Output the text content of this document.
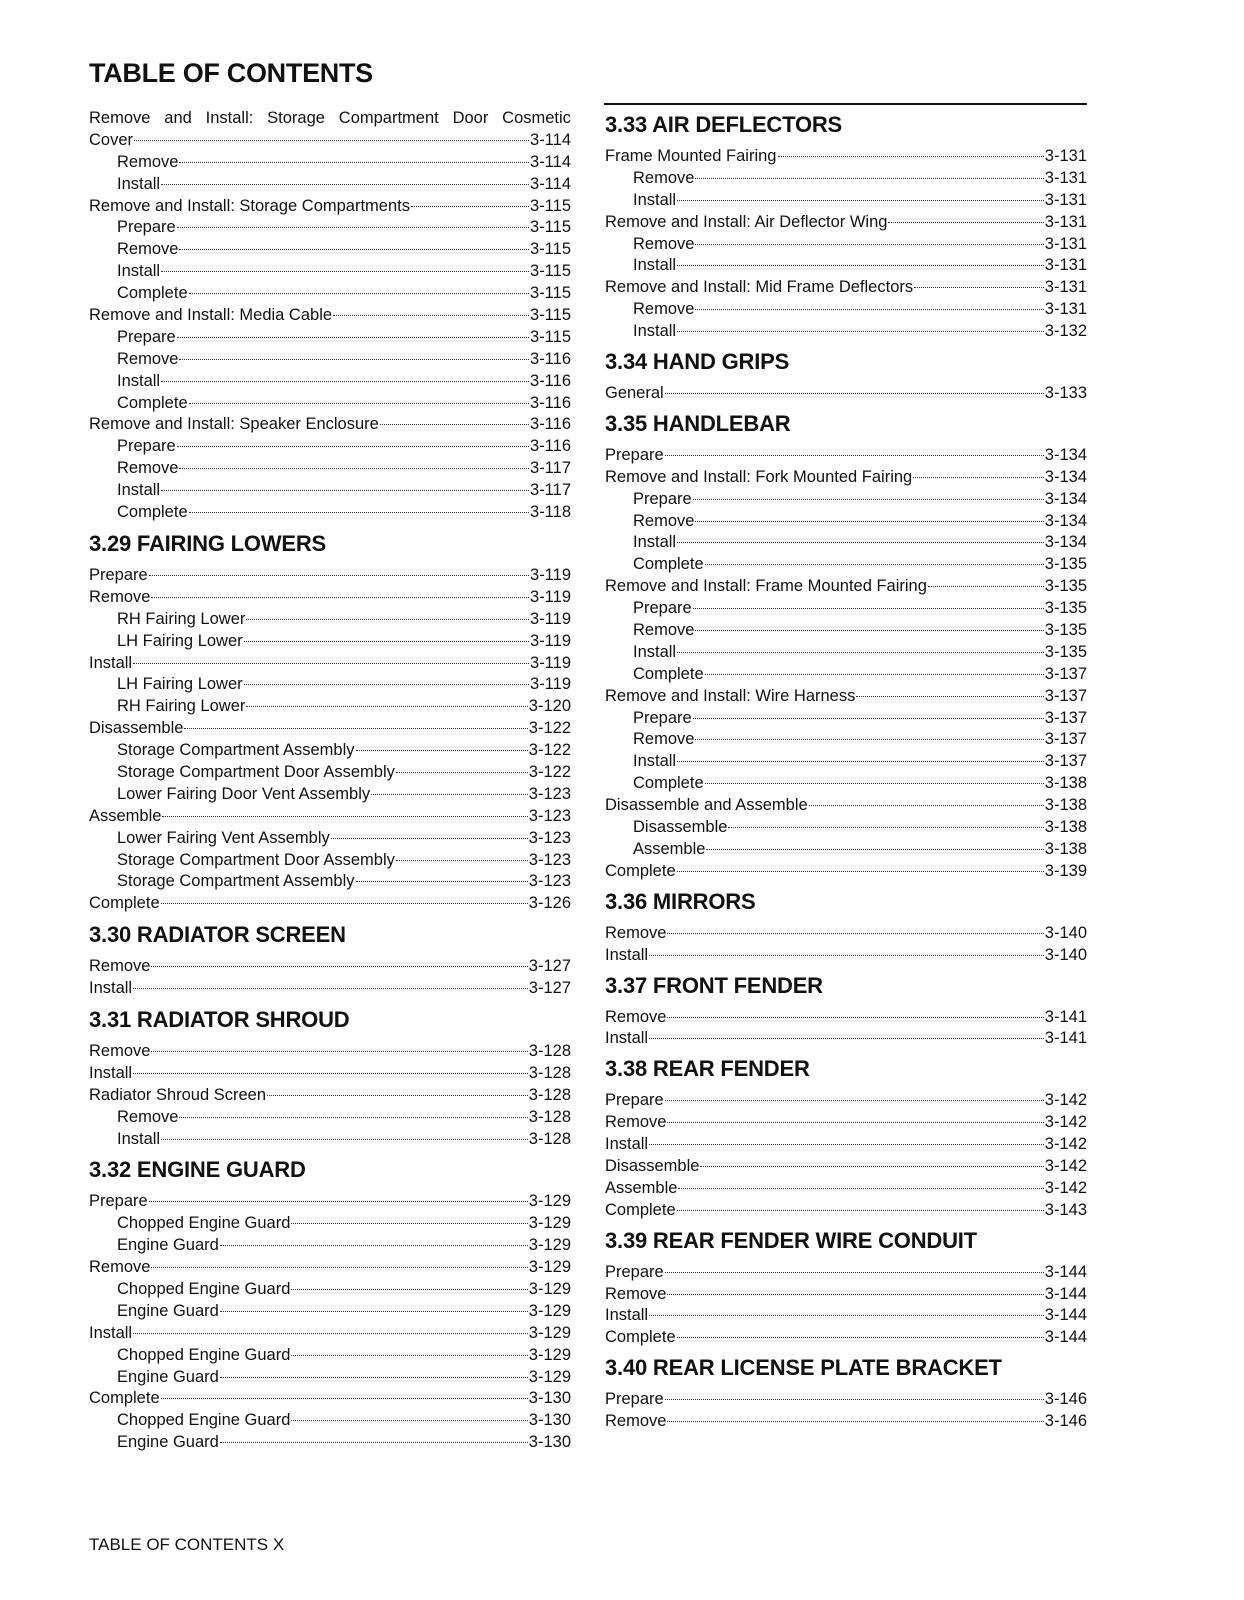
TABLE OF CONTENTS
Remove and Install: Storage Compartment Door Cosmetic
Cover	3-114
Remove	3-114
Install	3-114
Remove and Install: Storage Compartments	3-115
Prepare	3-115
Remove	3-115
Install	3-115
Complete	3-115
Remove and Install: Media Cable	3-115
Prepare	3-115
Remove	3-116
Install	3-116
Complete	3-116
Remove and Install: Speaker Enclosure	3-116
Prepare	3-116
Remove	3-117
Install	3-117
Complete	3-118
3.29 FAIRING LOWERS
Prepare	3-119
Remove	3-119
RH Fairing Lower	3-119
LH Fairing Lower	3-119
Install	3-119
LH Fairing Lower	3-119
RH Fairing Lower	3-120
Disassemble	3-122
Storage Compartment Assembly	3-122
Storage Compartment Door Assembly	3-122
Lower Fairing Door Vent Assembly	3-123
Assemble	3-123
Lower Fairing Vent Assembly	3-123
Storage Compartment Door Assembly	3-123
Storage Compartment Assembly	3-123
Complete	3-126
3.30 RADIATOR SCREEN
Remove	3-127
Install	3-127
3.31 RADIATOR SHROUD
Remove	3-128
Install	3-128
Radiator Shroud Screen	3-128
Remove	3-128
Install	3-128
3.32 ENGINE GUARD
Prepare	3-129
Chopped Engine Guard	3-129
Engine Guard	3-129
Remove	3-129
Chopped Engine Guard	3-129
Engine Guard	3-129
Install	3-129
Chopped Engine Guard	3-129
Engine Guard	3-129
Complete	3-130
Chopped Engine Guard	3-130
Engine Guard	3-130
3.33 AIR DEFLECTORS
Frame Mounted Fairing	3-131
Remove	3-131
Install	3-131
Remove and Install: Air Deflector Wing	3-131
Remove	3-131
Install	3-131
Remove and Install: Mid Frame Deflectors	3-131
Remove	3-131
Install	3-132
3.34 HAND GRIPS
General	3-133
3.35 HANDLEBAR
Prepare	3-134
Remove and Install: Fork Mounted Fairing	3-134
Prepare	3-134
Remove	3-134
Install	3-134
Complete	3-135
Remove and Install: Frame Mounted Fairing	3-135
Prepare	3-135
Remove	3-135
Install	3-135
Complete	3-137
Remove and Install: Wire Harness	3-137
Prepare	3-137
Remove	3-137
Install	3-137
Complete	3-138
Disassemble and Assemble	3-138
Disassemble	3-138
Assemble	3-138
Complete	3-139
3.36 MIRRORS
Remove	3-140
Install	3-140
3.37 FRONT FENDER
Remove	3-141
Install	3-141
3.38 REAR FENDER
Prepare	3-142
Remove	3-142
Install	3-142
Disassemble	3-142
Assemble	3-142
Complete	3-143
3.39 REAR FENDER WIRE CONDUIT
Prepare	3-144
Remove	3-144
Install	3-144
Complete	3-144
3.40 REAR LICENSE PLATE BRACKET
Prepare	3-146
Remove	3-146
TABLE OF CONTENTS X
